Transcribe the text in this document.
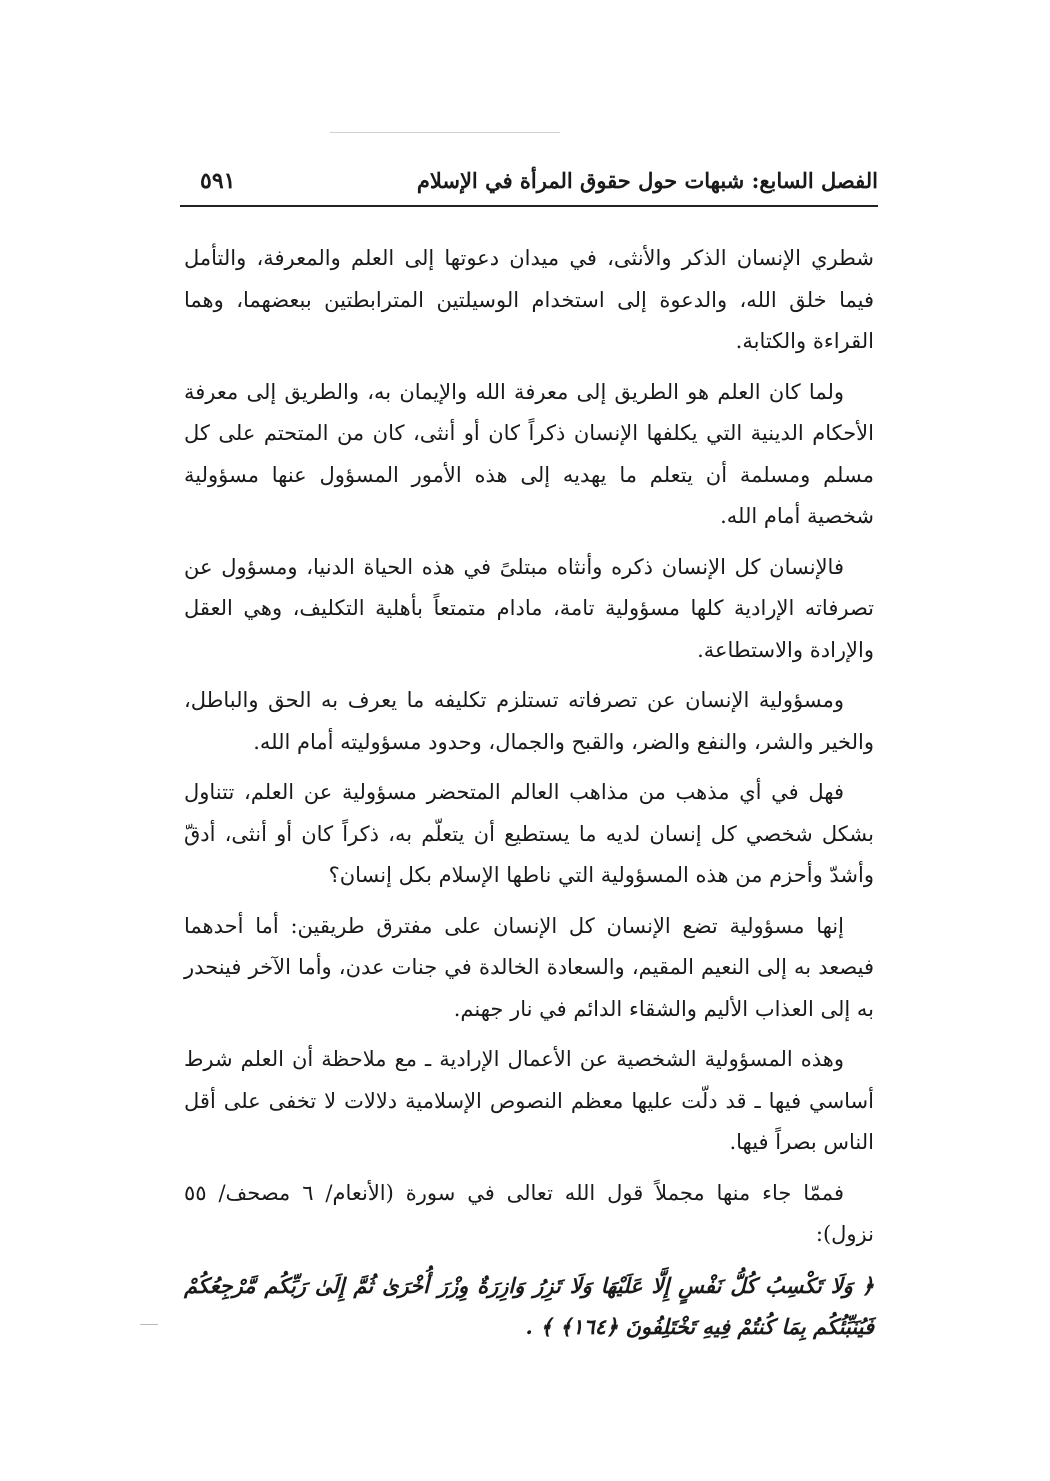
الفصل السابع: شبهات حول حقوق المرأة في الإسلام
٥٩١

شطري الإنسان الذكر والأنثى، في ميدان دعوتها إلى العلم والمعرفة، والتأمل فيما خلق الله، والدعوة إلى استخدام الوسيلتين المترابطتين ببعضهما، وهما القراءة والكتابة.

ولما كان العلم هو الطريق إلى معرفة الله والإيمان به، والطريق إلى معرفة الأحكام الدينية التي يكلفها الإنسان ذكراً كان أو أنثى، كان من المتحتم على كل مسلم ومسلمة أن يتعلم ما يهديه إلى هذه الأمور المسؤول عنها مسؤولية شخصية أمام الله.

فالإنسان كل الإنسان ذكره وأنثاه مبتلىً في هذه الحياة الدنيا، ومسؤول عن تصرفاته الإرادية كلها مسؤولية تامة، مادام متمتعاً بأهلية التكليف، وهي العقل والإرادة والاستطاعة.

ومسؤولية الإنسان عن تصرفاته تستلزم تكليفه ما يعرف به الحق والباطل، والخير والشر، والنفع والضر، والقبح والجمال، وحدود مسؤوليته أمام الله.

فهل في أي مذهب من مذاهب العالم المتحضر مسؤولية عن العلم، تتناول بشكل شخصي كل إنسان لديه ما يستطيع أن يتعلّم به، ذكراً كان أو أنثى، أدقّ وأشدّ وأحزم من هذه المسؤولية التي ناطها الإسلام بكل إنسان؟

إنها مسؤولية تضع الإنسان كل الإنسان على مفترق طريقين: أما أحدهما فيصعد به إلى النعيم المقيم، والسعادة الخالدة في جنات عدن، وأما الآخر فينحدر به إلى العذاب الأليم والشقاء الدائم في نار جهنم.

وهذه المسؤولية الشخصية عن الأعمال الإرادية ـ مع ملاحظة أن العلم شرط أساسي فيها ـ قد دلّت عليها معظم النصوص الإسلامية دلالات لا تخفى على أقل الناس بصراً فيها.

فممّا جاء منها مجملاً قول الله تعالى في سورة (الأنعام/ ٦ مصحف/ ٥٥ نزول):

﴿ وَلَا تَكْسِبُ كُلُّ نَفْسٍ إِلَّا عَلَيْهَا وَلَا تَزِرُ وَازِرَةٌ وِزْرَ أُخْرَىٰ ثُمَّ إِلَىٰ رَبِّكُم مَّرْجِعُكُمْ فَيُنَبِّئُكُم بِمَا كُنتُمْ فِيهِ تَخْتَلِفُونَ ﴿١٦٤﴾ ﴾ .
